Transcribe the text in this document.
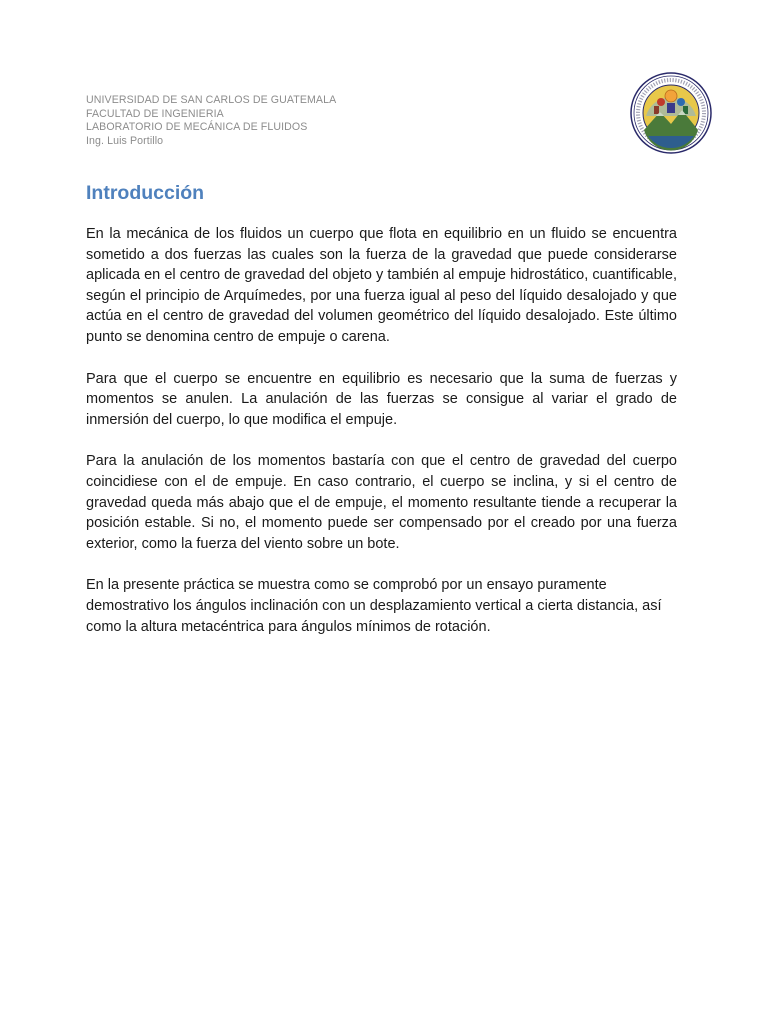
UNIVERSIDAD DE SAN CARLOS DE GUATEMALA
FACULTAD DE INGENIERIA
LABORATORIO DE MECÁNICA DE FLUIDOS
Ing. Luis Portillo
Introducción

En la mecánica de los fluidos un cuerpo que flota en equilibrio en un fluido se encuentra sometido a dos fuerzas las cuales son la fuerza de la gravedad que puede considerarse aplicada en el centro de gravedad del objeto y también al empuje hidrostático, cuantificable, según el principio de Arquímedes, por una fuerza igual al peso del líquido desalojado y que actúa en el centro de gravedad del volumen geométrico del líquido desalojado. Este último punto se denomina centro de empuje o carena.

Para que el cuerpo se encuentre en equilibrio es necesario que la suma de fuerzas y momentos se anulen. La anulación de las fuerzas se consigue al variar el grado de inmersión del cuerpo, lo que modifica el empuje.

Para la anulación de los momentos bastaría con que el centro de gravedad del cuerpo coincidiese con el de empuje. En caso contrario, el cuerpo se inclina, y si el centro de gravedad queda más abajo que el de empuje, el momento resultante tiende a recuperar la posición estable. Si no, el momento puede ser compensado por el creado por una fuerza exterior, como la fuerza del viento sobre un bote.

En la presente práctica se muestra como se comprobó por un ensayo puramente demostrativo los ángulos inclinación con un desplazamiento vertical a cierta distancia, así como la altura metacéntrica para ángulos mínimos de rotación.
